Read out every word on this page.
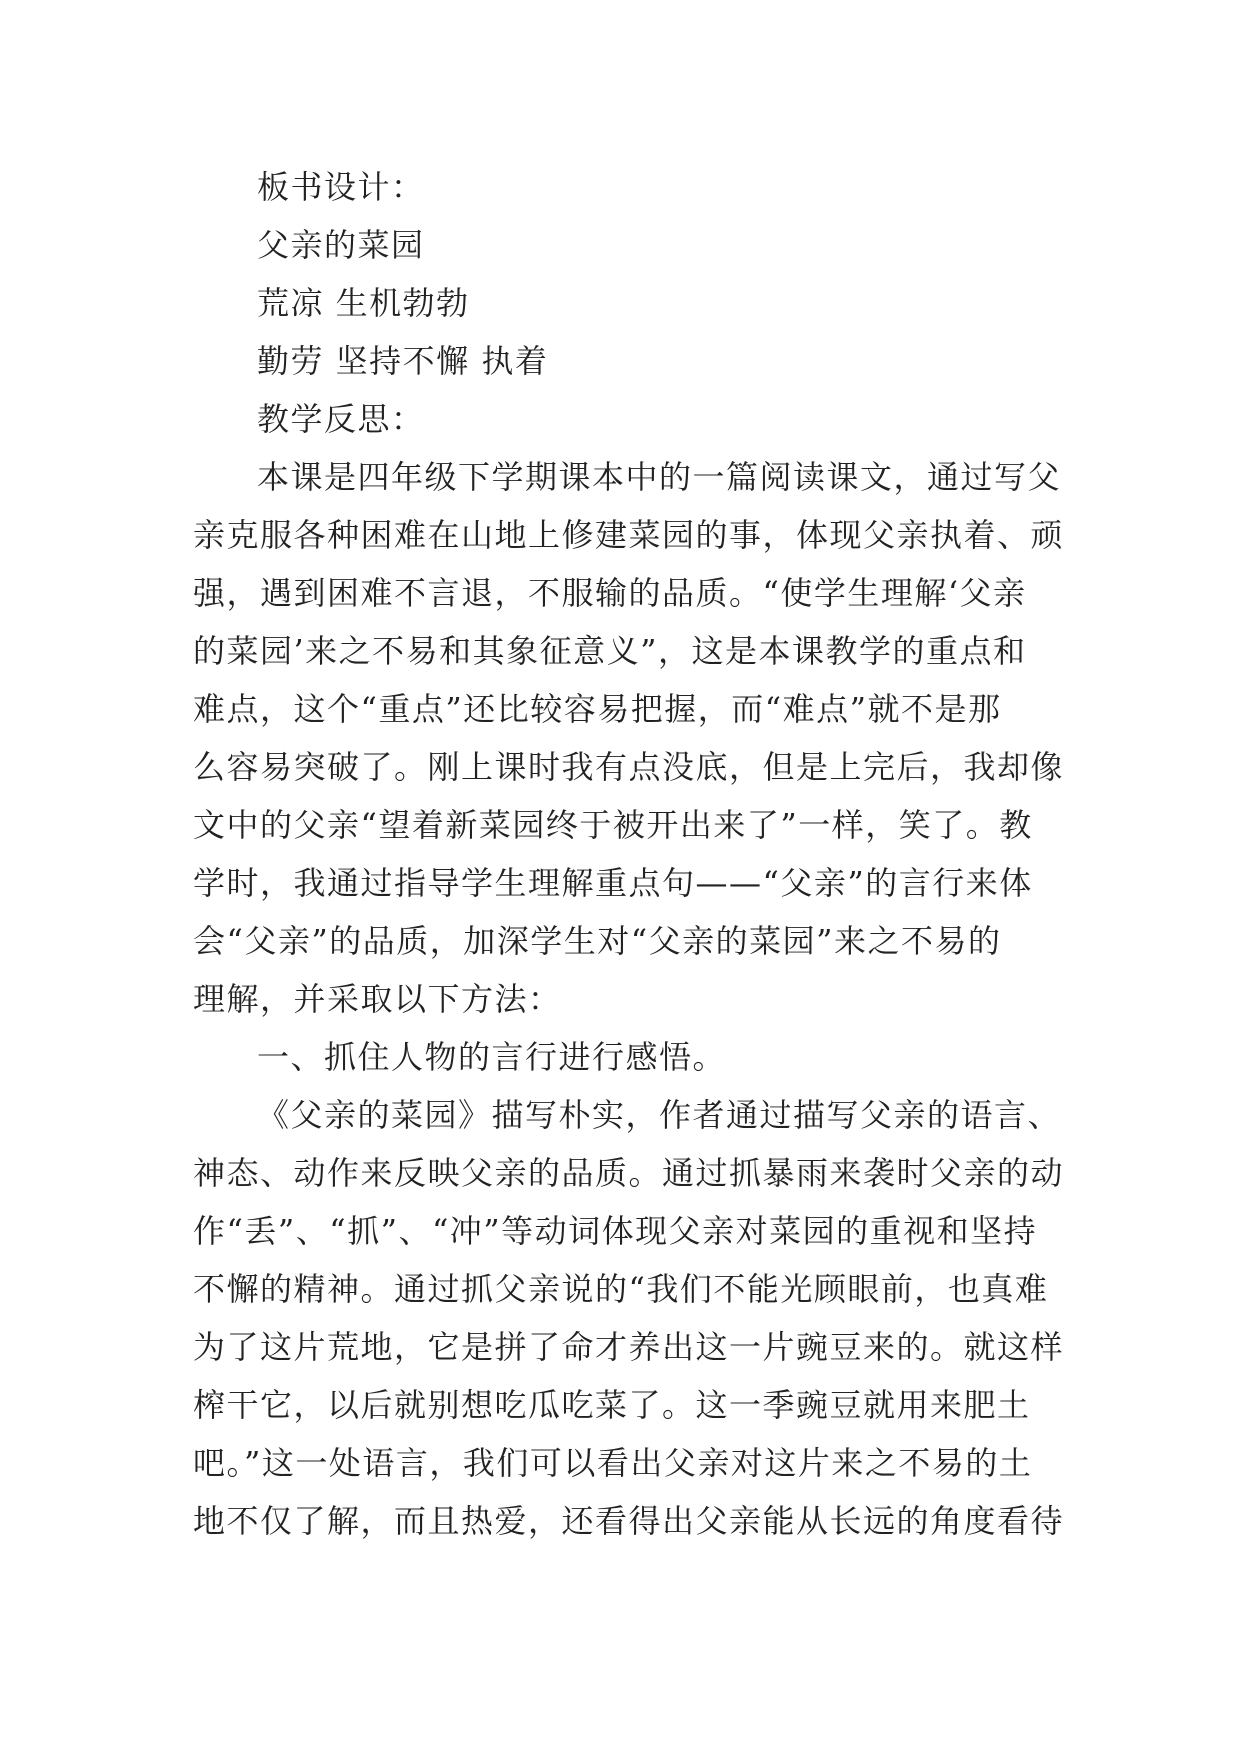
板书设计：

父亲的菜园

荒凉 生机勃勃

勤劳 坚持不懈 执着

教学反思：

本课是四年级下学期课本中的一篇阅读课文，通过写父

亲克服各种困难在山地上修建菜园的事，体现父亲执着、顽

强，遇到困难不言退，不服输的品质。“使学生理解‘父亲

的菜园’来之不易和其象征意义”，这是本课教学的重点和

难点，这个“重点”还比较容易把握，而“难点”就不是那

么容易突破了。刚上课时我有点没底，但是上完后，我却像

文中的父亲“望着新菜园终于被开出来了”一样，笑了。教

学时，我通过指导学生理解重点句——“父亲”的言行来体

会“父亲”的品质，加深学生对“父亲的菜园”来之不易的

理解，并采取以下方法：

一、抓住人物的言行进行感悟。

《父亲的菜园》描写朴实，作者通过描写父亲的语言、

神态、动作来反映父亲的品质。通过抓暴雨来袭时父亲的动

作“丢”、“抓”、“冲”等动词体现父亲对菜园的重视和坚持

不懈的精神。通过抓父亲说的“我们不能光顾眼前，也真难

为了这片荒地，它是拼了命才养出这一片豌豆来的。就这样

榨干它，以后就别想吃瓜吃菜了。这一季豌豆就用来肥土

吧。”这一处语言，我们可以看出父亲对这片来之不易的土

地不仅了解，而且热爱，还看得出父亲能从长远的角度看待
